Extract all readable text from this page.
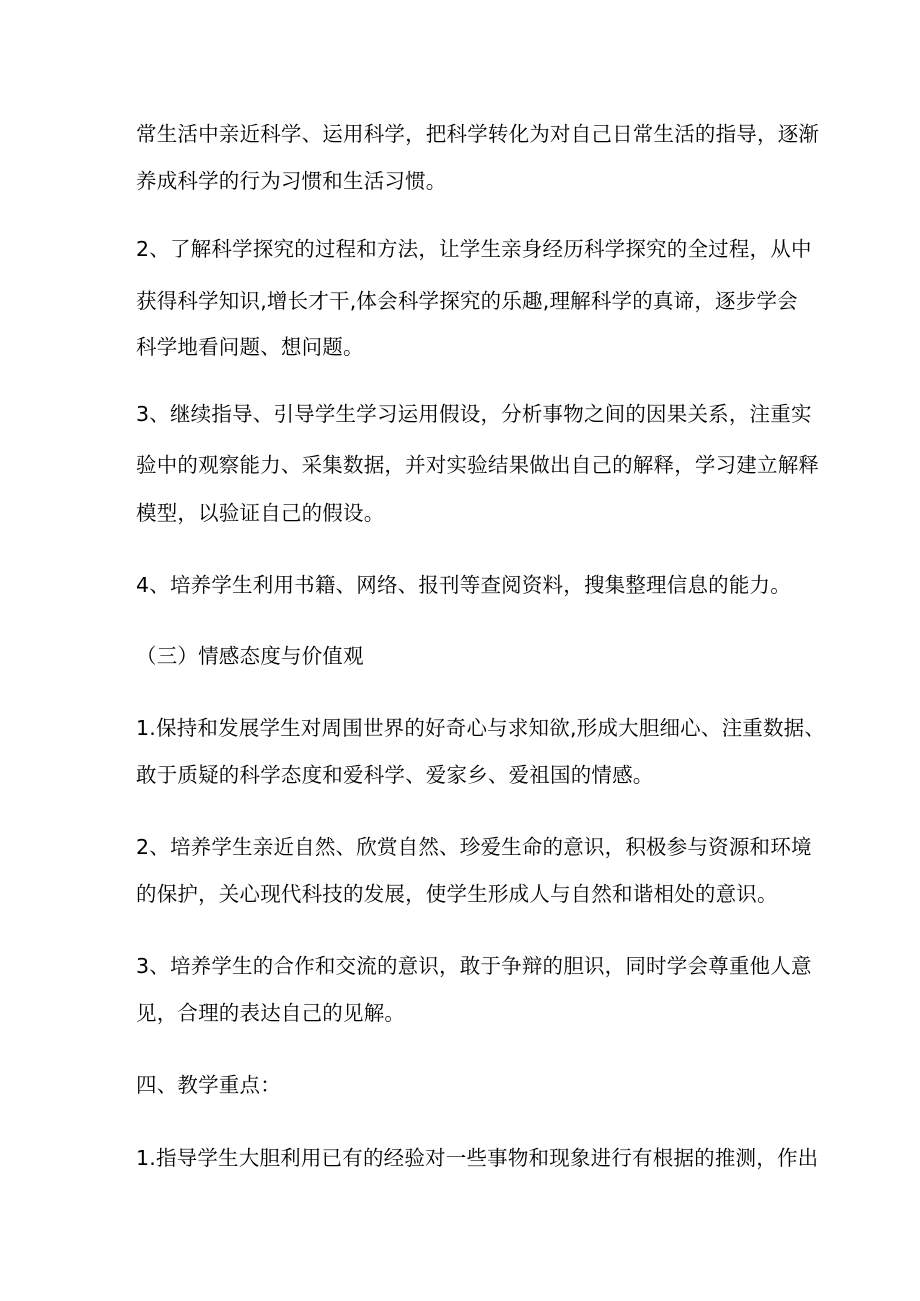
常生活中亲近科学、运用科学，把科学转化为对自己日常生活的指导，逐渐
养成科学的行为习惯和生活习惯。
2、了解科学探究的过程和方法，让学生亲身经历科学探究的全过程，从中
获得科学知识,增长才干,体会科学探究的乐趣,理解科学的真谛，逐步学会
科学地看问题、想问题。
3、继续指导、引导学生学习运用假设，分析事物之间的因果关系，注重实
验中的观察能力、采集数据，并对实验结果做出自己的解释，学习建立解释
模型，以验证自己的假设。
4、培养学生利用书籍、网络、报刊等查阅资料，搜集整理信息的能力。
（三）情感态度与价值观
1.保持和发展学生对周围世界的好奇心与求知欲,形成大胆细心、注重数据、
敢于质疑的科学态度和爱科学、爱家乡、爱祖国的情感。
2、培养学生亲近自然、欣赏自然、珍爱生命的意识，积极参与资源和环境
的保护，关心现代科技的发展，使学生形成人与自然和谐相处的意识。
3、培养学生的合作和交流的意识，敢于争辩的胆识，同时学会尊重他人意
见，合理的表达自己的见解。
四、教学重点：
1.指导学生大胆利用已有的经验对一些事物和现象进行有根据的推测，作出
